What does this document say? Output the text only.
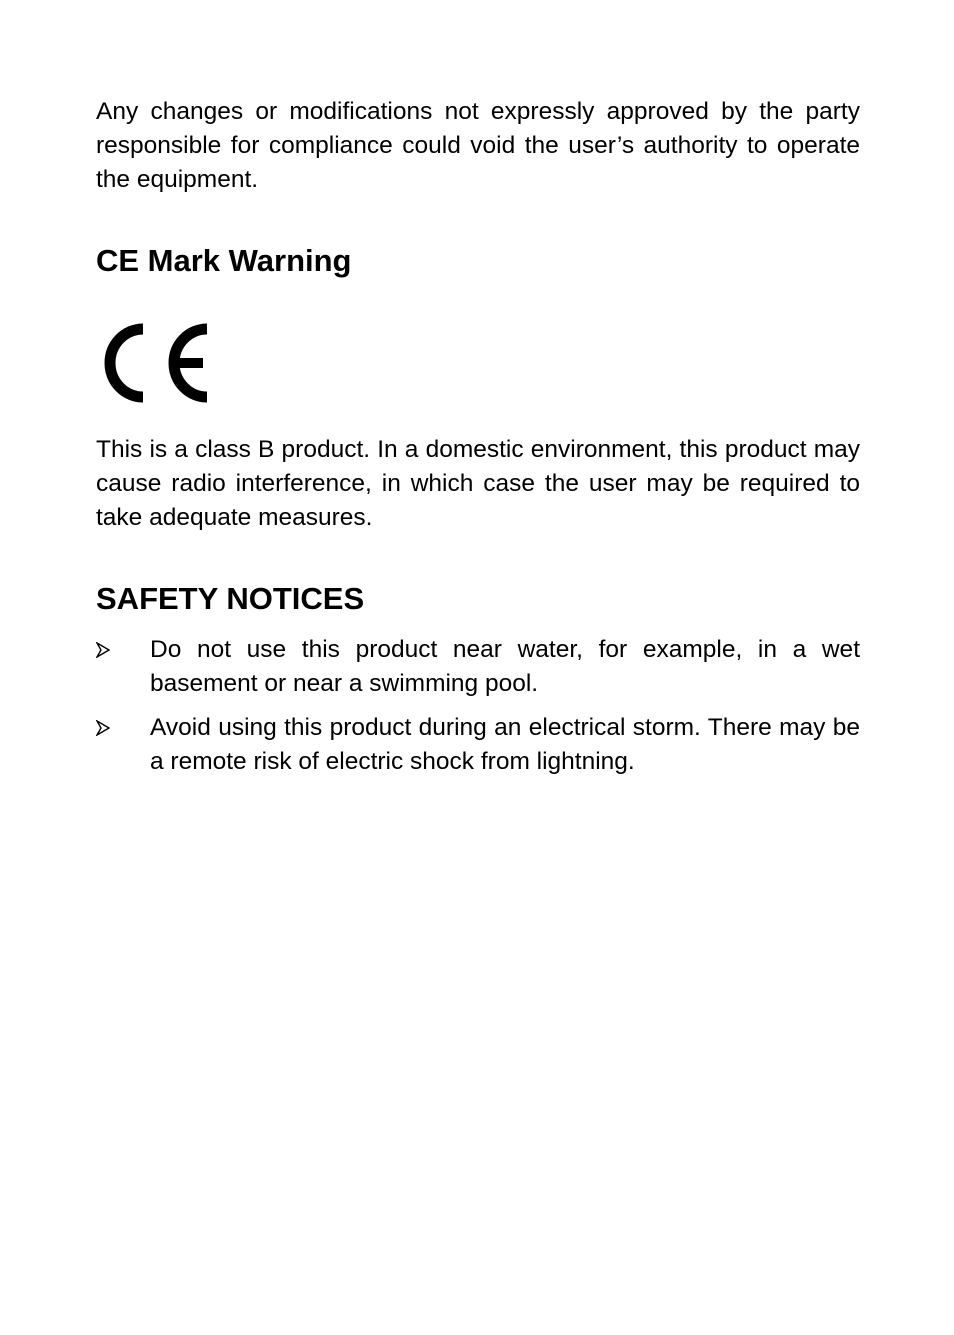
Any changes or modifications not expressly approved by the party responsible for compliance could void the user’s authority to operate the equipment.

CE Mark Warning

This is a class B product. In a domestic environment, this product may cause radio interference, in which case the user may be required to take adequate measures.

SAFETY NOTICES
Do not use this product near water, for example, in a wet basement or near a swimming pool.
Avoid using this product during an electrical storm. There may be a remote risk of electric shock from lightning.
